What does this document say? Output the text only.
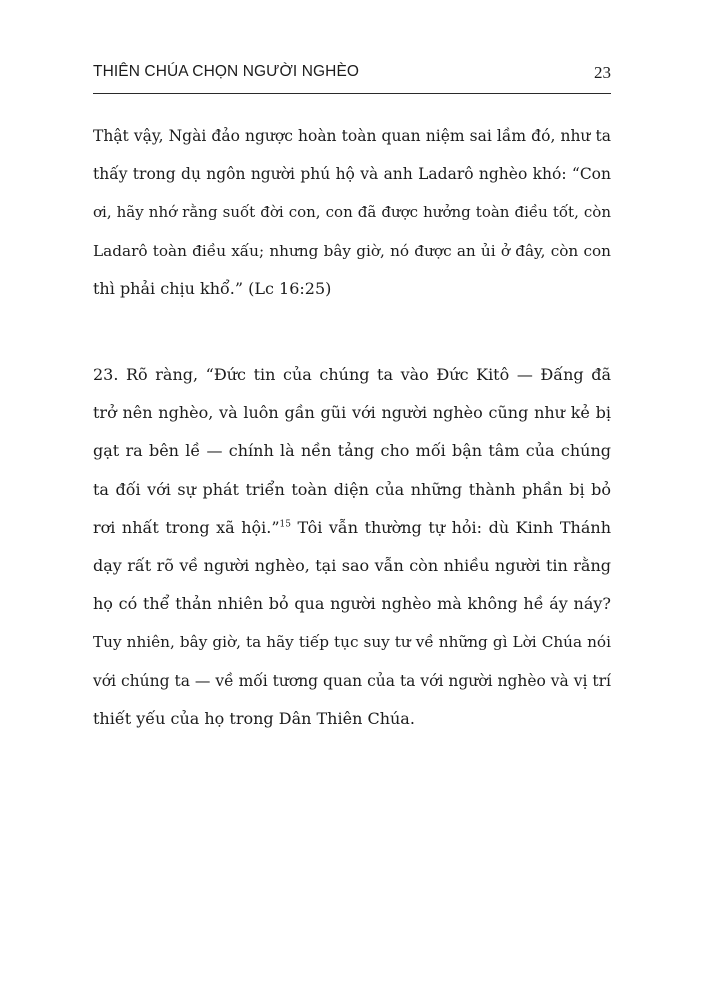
THIÊN CHÚA CHỌN NGƯỜI NGHÈO	23
Thật vậy, Ngài đảo ngược hoàn toàn quan niệm sai lầm đó, như ta
thấy trong dụ ngôn người phú hộ và anh Ladarô nghèo khó: “Con
ơi, hãy nhớ rằng suốt đời con, con đã được hưởng toàn điều tốt, còn
Ladarô toàn điều xấu; nhưng bây giờ, nó được an ủi ở đây, còn con
thì phải chịu khổ.” (Lc 16:25)
23. Rõ ràng, “Đức tin của chúng ta vào Đức Kitô — Đấng đã
trở nên nghèo, và luôn gần gũi với người nghèo cũng như kẻ bị
gạt ra bên lề — chính là nền tảng cho mối bận tâm của chúng
ta đối với sự phát triển toàn diện của những thành phần bị bỏ
rơi nhất trong xã hội.”$^{15}$ Tôi vẫn thường tự hỏi: dù Kinh Thánh
dạy rất rõ về người nghèo, tại sao vẫn còn nhiều người tin rằng
họ có thể thản nhiên bỏ qua người nghèo mà không hề áy náy?
Tuy nhiên, bây giờ, ta hãy tiếp tục suy tư về những gì Lời Chúa nói
với chúng ta — về mối tương quan của ta với người nghèo và vị trí
thiết yếu của họ trong Dân Thiên Chúa.
